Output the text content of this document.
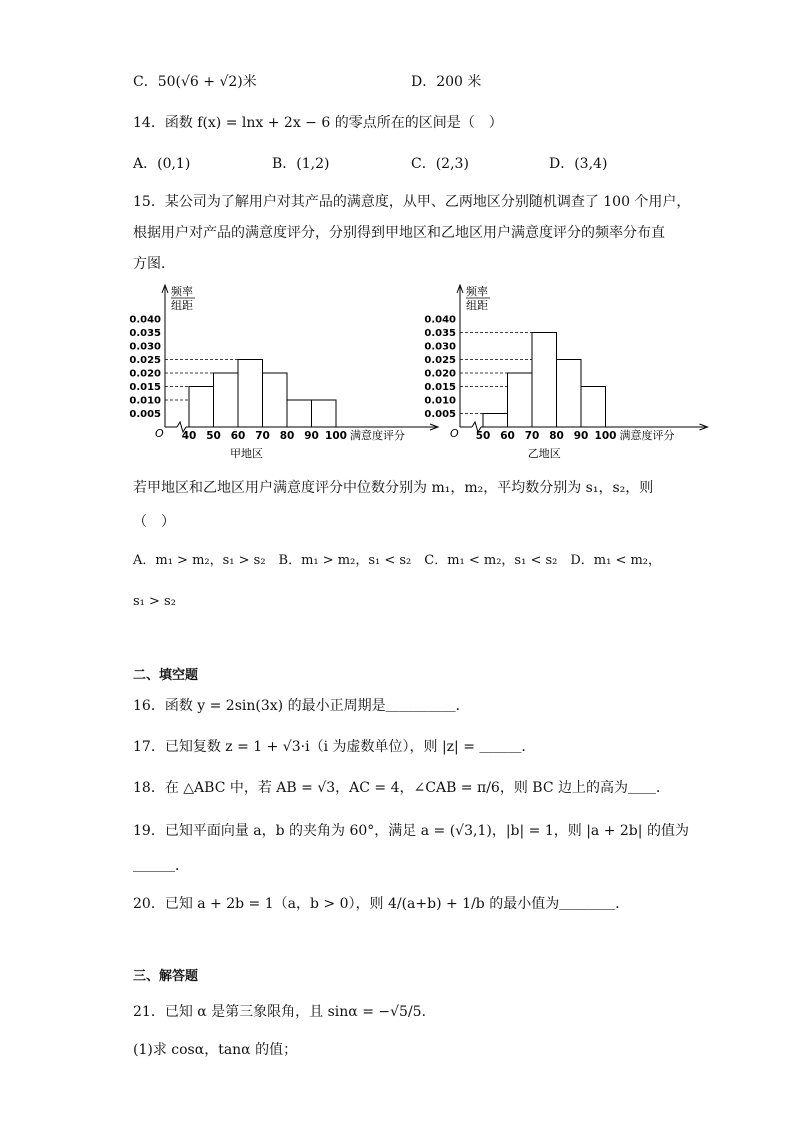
C．50(√6 + √2)米	D．200 米
14．函数 f(x) = lnx + 2x − 6 的零点所在的区间是（　）
A．(0,1)	B．(1,2)	C．(2,3)	D．(3,4)
15．某公司为了解用户对其产品的满意度，从甲、乙两地区分别随机调查了 100 个用户，
根据用户对产品的满意度评分，分别得到甲地区和乙地区用户满意度评分的频率分布直
方图．
频率
组距
0.005
0.010
0.015
0.020
0.025
0.030
0.035
0.040
O 40 50 60 70 80 90 100 满意度评分
甲地区
频率
组距
0.005
0.010
0.015
0.020
0.025
0.030
0.035
0.040
O 50 60 70 80 90 100 满意度评分
乙地区
若甲地区和乙地区用户满意度评分中位数分别为 m₁，m₂，平均数分别为 s₁，s₂，则
（　）
A．m₁ > m₂，s₁ > s₂　B．m₁ > m₂，s₁ < s₂　C．m₁ < m₂，s₁ < s₂　D．m₁ < m₂，
s₁ > s₂
二、填空题
16．函数 y = 2sin(3x) 的最小正周期是＿＿＿＿＿．
17．已知复数 z = 1 + √3·i（i 为虚数单位），则 |z| = ＿＿＿．
18．在 △ABC 中，若 AB = √3，AC = 4，∠CAB = π/6，则 BC 边上的高为＿＿．
19．已知平面向量 a，b 的夹角为 60°，满足 a = (√3,1)，|b| = 1，则 |a + 2b| 的值为
＿＿＿．
20．已知 a + 2b = 1（a，b > 0），则 4/(a+b) + 1/b 的最小值为＿＿＿＿．
三、解答题
21．已知 α 是第三象限角，且 sinα = −√5/5．
(1)求 cosα，tanα 的值；
